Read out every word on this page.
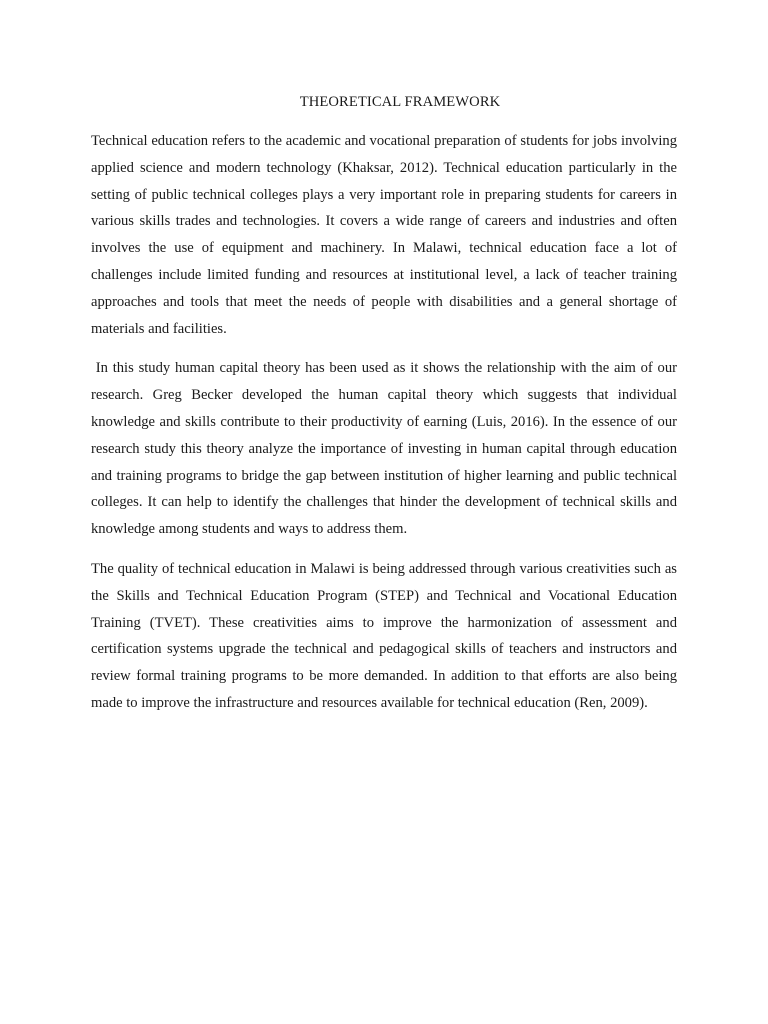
THEORETICAL FRAMEWORK

Technical education refers to the academic and vocational preparation of students for jobs involving applied science and modern technology (Khaksar, 2012). Technical education particularly in the setting of public technical colleges plays a very important role in preparing students for careers in various skills trades and technologies. It covers a wide range of careers and industries and often involves the use of equipment and machinery. In Malawi, technical education face a lot of challenges include limited funding and resources at institutional level, a lack of teacher training approaches and tools that meet the needs of people with disabilities and a general shortage of materials and facilities.

In this study human capital theory has been used as it shows the relationship with the aim of our research. Greg Becker developed the human capital theory which suggests that individual knowledge and skills contribute to their productivity of earning (Luis, 2016). In the essence of our research study this theory analyze the importance of investing in human capital through education and training programs to bridge the gap between institution of higher learning and public technical colleges. It can help to identify the challenges that hinder the development of technical skills and knowledge among students and ways to address them.

The quality of technical education in Malawi is being addressed through various creativities such as the Skills and Technical Education Program (STEP) and Technical and Vocational Education Training (TVET). These creativities aims to improve the harmonization of assessment and certification systems upgrade the technical and pedagogical skills of teachers and instructors and review formal training programs to be more demanded. In addition to that efforts are also being made to improve the infrastructure and resources available for technical education (Ren, 2009).
